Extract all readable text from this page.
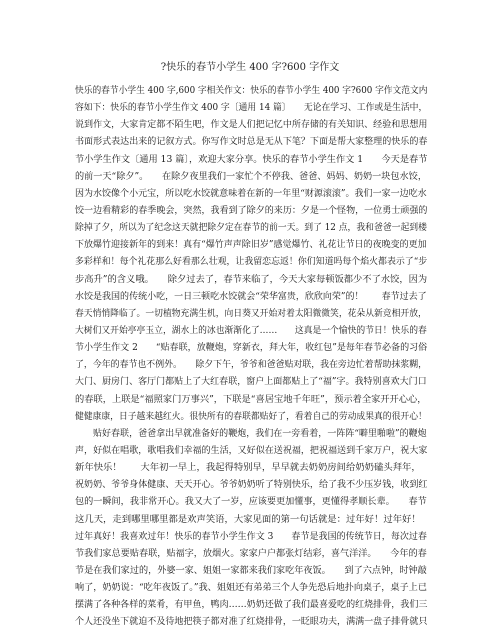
?快乐的春节小学生 400 字?600 字作文
快乐的春节小学生 400 字,600 字相关作文：快乐的春节小学生 400 字?600 字作文范文内
容如下：快乐的春节小学生作文 400 字〔通用 14 篇〕　　无论在学习、工作或是生活中，
说到作文，大家肯定都不陌生吧，作文是人们把记忆中所存储的有关知识、经验和思想用
书面形式表达出来的记叙方式。你写作文时总是无从下笔？下面是帮大家整理的快乐的春
节小学生作文〔通用 13 篇〕，欢迎大家分享。快乐的春节小学生作文 1　　今天是春节
的前一天“除夕”。　　在除夕夜里我们一家忙个不停我、爸爸、妈妈、奶奶一块包水饺，
因为水饺像个小元宝，所以吃水饺就意味着在新的一年里“财源滚滚”。我们一家一边吃水
饺一边看精彩的春季晚会，突然，我看到了除夕的来历：夕是一个怪物，一位勇士顽强的
除掉了夕，所以为了纪念这天就把除夕定在春节的前一天。到了 12 点，我和爸爸一起到楼
下放爆竹迎接新年的到来！真有“爆竹声声除旧岁”感觉爆竹、礼花让节日的夜晚变的更加
多彩样和！每个礼花那么好看那么壮观，让我留恋忘返！你们知道吗每个焰火都表示了“步
步高升”的含义哦。　　除夕过去了，春节来临了，今天大家每顿饭都少不了水饺，因为
水饺是我国的传统小吃，一日三顿吃水饺就会“荣华富贵，欣欣向荣”的！　　春节过去了
春天悄悄降临了。一切植物充满生机，向日葵又开始对着太阳微微笑，花朵从新竞相开放，
大树们又开始亭亭玉立，湖水上的冰也渐渐化了……　　这真是一个愉快的节日！快乐的春
节小学生作文 2　　“贴春联，放鞭炮，穿新衣，拜大年，收红包”是每年春节必备的习俗
了，今年的春节也不例外。　　除夕下午，爷爷和爸爸贴对联，我在旁边忙着帮助抹浆糊，
大门、厨房门、客厅门都贴上了大红春联，窗户上面都贴上了“福”字。我特别喜欢大门口
的春联，上联是“福照家门万事兴”，下联是“喜居宝地千年旺”，预示着全家开开心心，
健健康康，日子越来越红火。很快所有的春联都贴好了，看着自己的劳动成果真的很开心！
　　贴好春联，爸爸拿出早就准备好的鞭炮，我们在一旁看着，一阵阵“噼里啪啦”的鞭炮
声，好似在唱歌，歌唱我们幸福的生活，又好似在送祝福，把祝福送到千家万户，祝大家
新年快乐！　　大年初一早上，我起得特别早，早早就去奶奶房间给奶奶磕头拜年，
祝奶奶、爷爷身体健康、天天开心。爷爷奶奶听了特别快乐，给了我不少压岁钱，收到红
包的一瞬间，我非常开心。我又大了一岁，应该要更加懂事，更懂得孝顺长辈。　　春节
这几天，走到哪里哪里都是欢声笑语，大家见面的第一句话就是：过年好！过年好！
过年真好！我喜欢过年！快乐的春节小学生作文 3　　春节是我国的传统节日，每次过春
节我们家总要贴春联，贴福字，放烟火。家家户户都张灯结彩，喜气洋洋。　　今年的春
节是在我们家过的，外婆一家、姐姐一家都来我们家吃年夜饭。　　到了六点钟，时钟敲
响了，奶奶说：“吃年夜饭了。”我、姐姐还有弟弟三个人争先恐后地扑向桌子，桌子上已
摆满了各种各样的菜肴，有甲鱼，鸭肉……奶奶还做了我们最喜爱吃的红烧排骨，我们三
个人还没坐下就迫不及待地把筷子都对准了红烧排骨，一眨眼功夫，满满一盘子排骨就只
